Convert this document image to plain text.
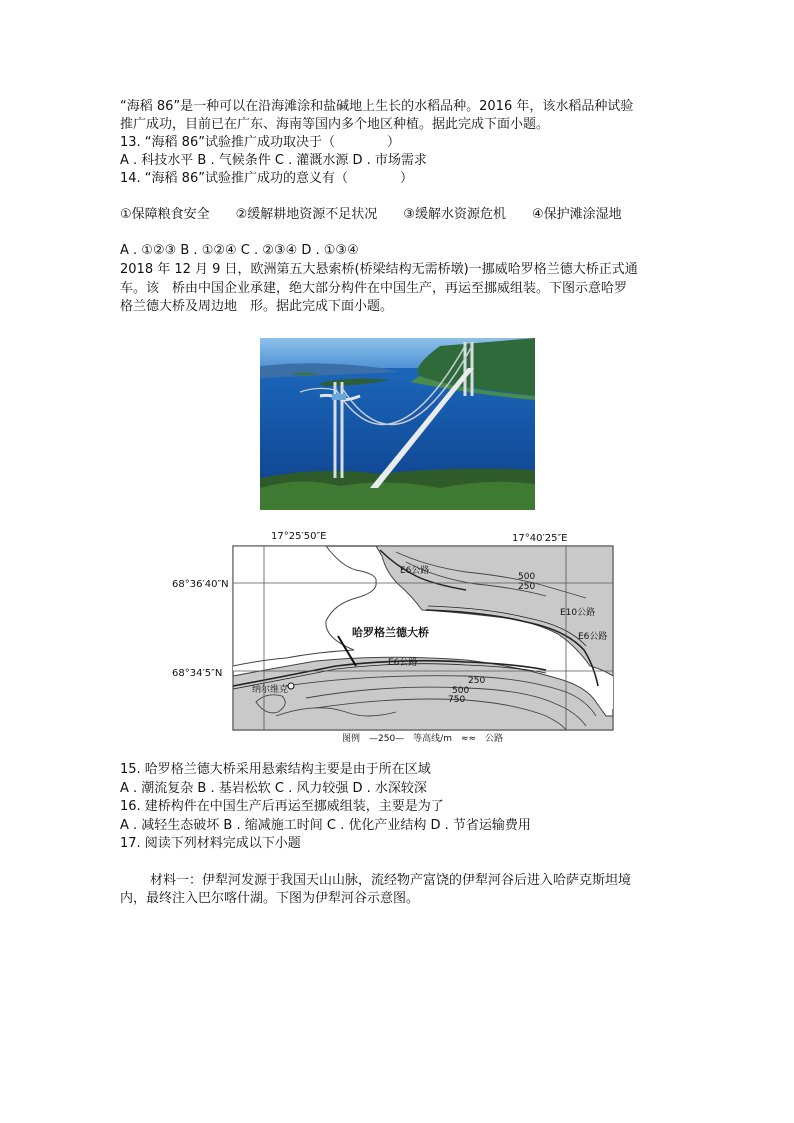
“海稻 86”是一种可以在沿海滩涂和盐碱地上生长的水稻品种。2016 年，该水稻品种试验
推广成功，目前已在广东、海南等国内多个地区种植。据此完成下面小题。
13. “海稻 86”试验推广成功取决于（　　　　）
A . 科技水平 B . 气候条件 C . 灌溉水源 D . 市场需求
14. “海稻 86”试验推广成功的意义有（　　　　）
①保障粮食安全　　②缓解耕地资源不足状况　　③缓解水资源危机　　④保护滩涂湿地
A . ①②③ B . ①②④ C . ②③④ D . ①③④
2018 年 12 月 9 日，欧洲第五大悬索桥(桥梁结构无需桥墩)一挪威哈罗格兰德大桥正式通
车。该　桥由中国企业承建，绝大部分构件在中国生产，再运至挪威组装。下图示意哈罗
格兰德大桥及周边地　形。据此完成下面小题。
17°25′50″E	17°40′25″E
68°36′40″N
68°34′5″N
哈罗格兰德大桥
E6公路
E6公路
E6公路
E10公路
纳尔维克
500
250
250
500
750
图例　—250—　等高线/m　≈≈　公路
15. 哈罗格兰德大桥采用悬索结构主要是由于所在区域
A . 潮流复杂 B . 基岩松软 C . 风力较强 D . 水深较深
16. 建桥构件在中国生产后再运至挪威组装，主要是为了
A . 减轻生态破坏 B . 缩减施工时间 C . 优化产业结构 D . 节省运输费用
17. 阅读下列材料完成以下小题
材料一：伊犁河发源于我国天山山脉，流经物产富饶的伊犁河谷后进入哈萨克斯坦境
内，最终注入巴尔喀什湖。下图为伊犁河谷示意图。
